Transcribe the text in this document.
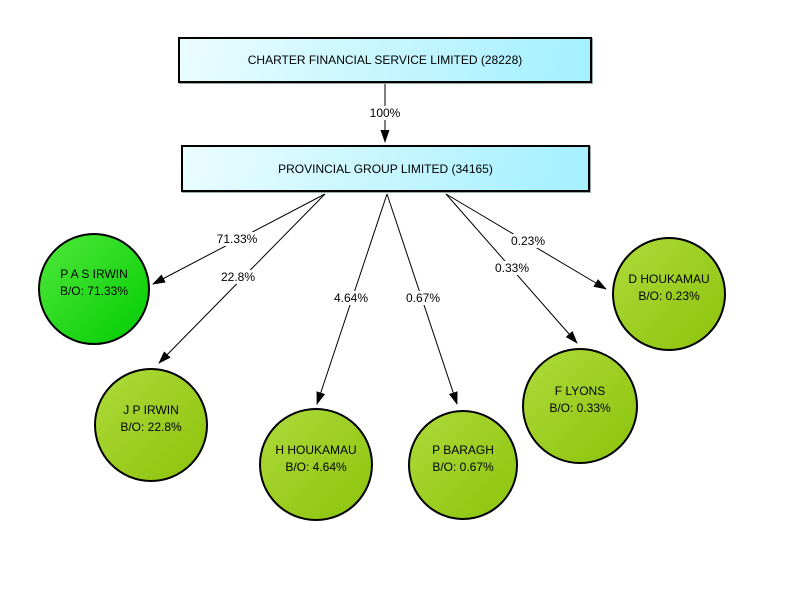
CHARTER FINANCIAL SERVICE LIMITED (28228)
PROVINCIAL GROUP LIMITED (34165)
P A S IRWIN
B/O: 71.33%
J P IRWIN
B/O: 22.8%
H HOUKAMAU
B/O: 4.64%
P BARAGH
B/O: 0.67%
F LYONS
B/O: 0.33%
D HOUKAMAU
B/O: 0.23%
100%
71.33%
22.8%
4.64%	0.67%
0.33%
0.23%
